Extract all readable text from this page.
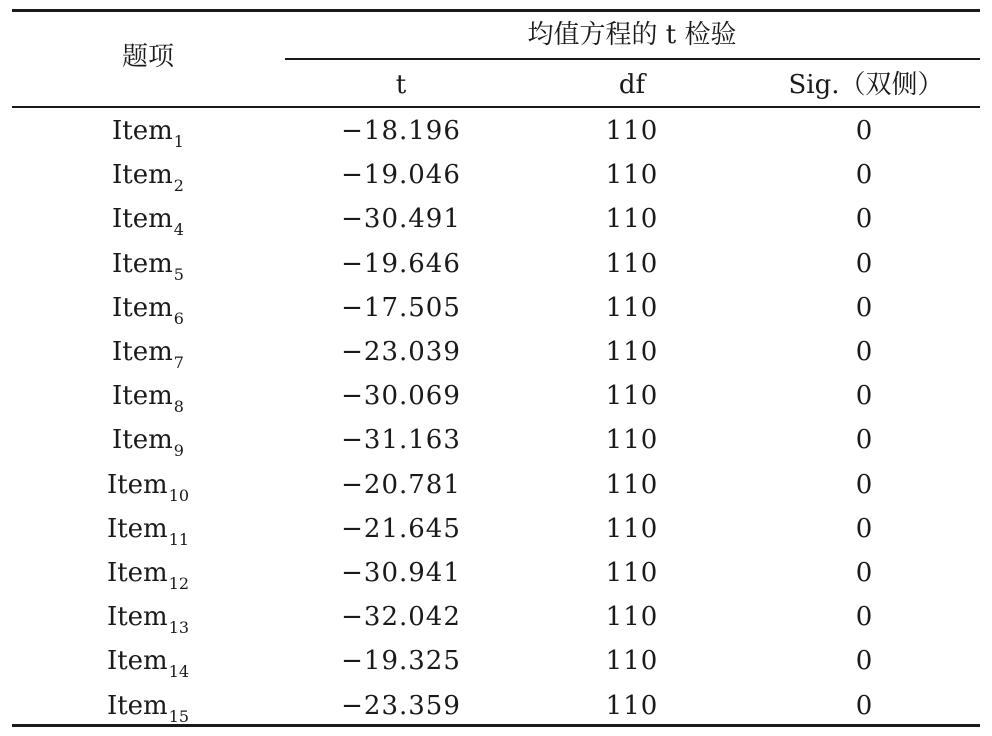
题项
均值方程的 t 检验
t	df	Sig.（双侧）
Item$_1$	−18.196	110	0
Item$_2$	−19.046	110	0
Item$_4$	−30.491	110	0
Item$_5$	−19.646	110	0
Item$_6$	−17.505	110	0
Item$_7$	−23.039	110	0
Item$_8$	−30.069	110	0
Item$_9$	−31.163	110	0
Item$_{10}$	−20.781	110	0
Item$_{11}$	−21.645	110	0
Item$_{12}$	−30.941	110	0
Item$_{13}$	−32.042	110	0
Item$_{14}$	−19.325	110	0
Item$_{15}$	−23.359	110	0
